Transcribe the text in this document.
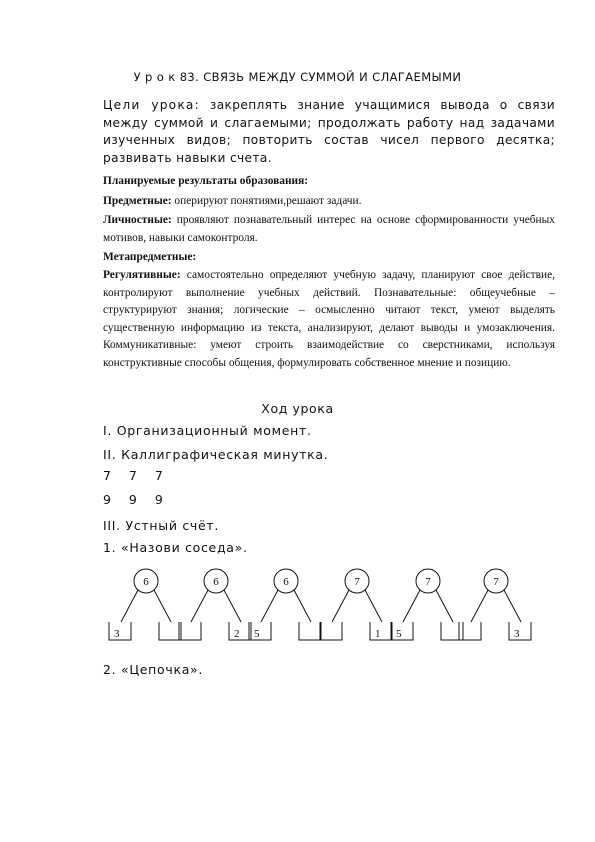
У р о к 83. СВЯЗЬ МЕЖДУ СУММОЙ И СЛАГАЕМЫМИ
Цели урока: закреплять знание учащимися вывода о связи между суммой и слагаемыми; продолжать работу над задачами изученных видов; повторить состав чисел первого десятка; развивать навыки счета.
Планируемые результаты образования:
Предметные: оперируют понятиями,решают задачи.
Личностные: проявляют познавательный интерес на основе сформированности учебных мотивов, навыки самоконтроля.
Метапредметные:
Регулятивные: самостоятельно определяют учебную задачу, планируют свое действие, контролируют выполнение учебных действий. Познавательные: общеучебные – структурируют знания; логические – осмысленно читают текст, умеют выделять существенную информацию из текста, анализируют, делают выводы и умозаключения. Коммуникативные: умеют строить взаимодействие со сверстниками, используя конструктивные способы общения, формулировать собственное мнение и позицию.
Ход урока
I. Организационный момент.
II. Каллиграфическая минутка.
7 7 7
9 9 9
III. Устный счёт.
1. «Назови соседа».
6
3
6
2
6
5
7
1
7
5
7
3
2. «Цепочка».
